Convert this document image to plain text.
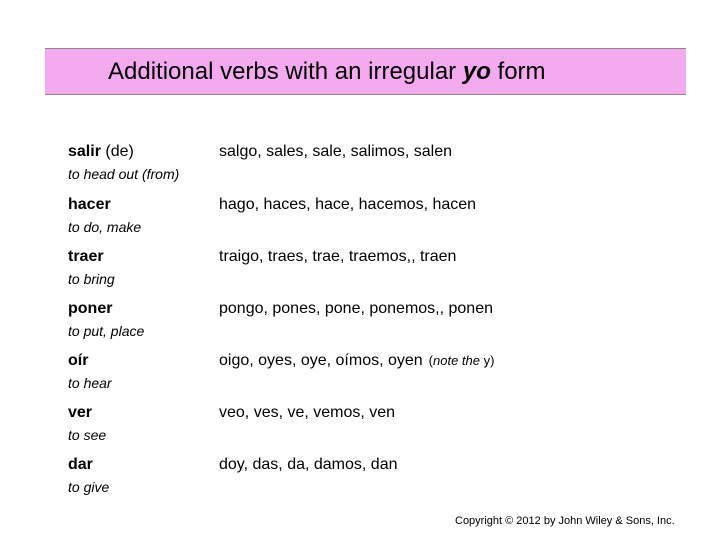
Additional verbs with an irregular yo form
salir (de)
to head out (from)
salgo, sales, sale, salimos, salen
hacer
to do, make
hago, haces, hace, hacemos, hacen
traer
to bring
traigo, traes, trae, traemos,, traen
poner
to put, place
pongo, pones, pone, ponemos,, ponen
oír
to hear
oigo, oyes, oye, oímos, oyen (note the y)
ver
to see
veo, ves, ve, vemos, ven
dar
to give
doy, das, da, damos, dan
Copyright © 2012 by John Wiley & Sons, Inc.
